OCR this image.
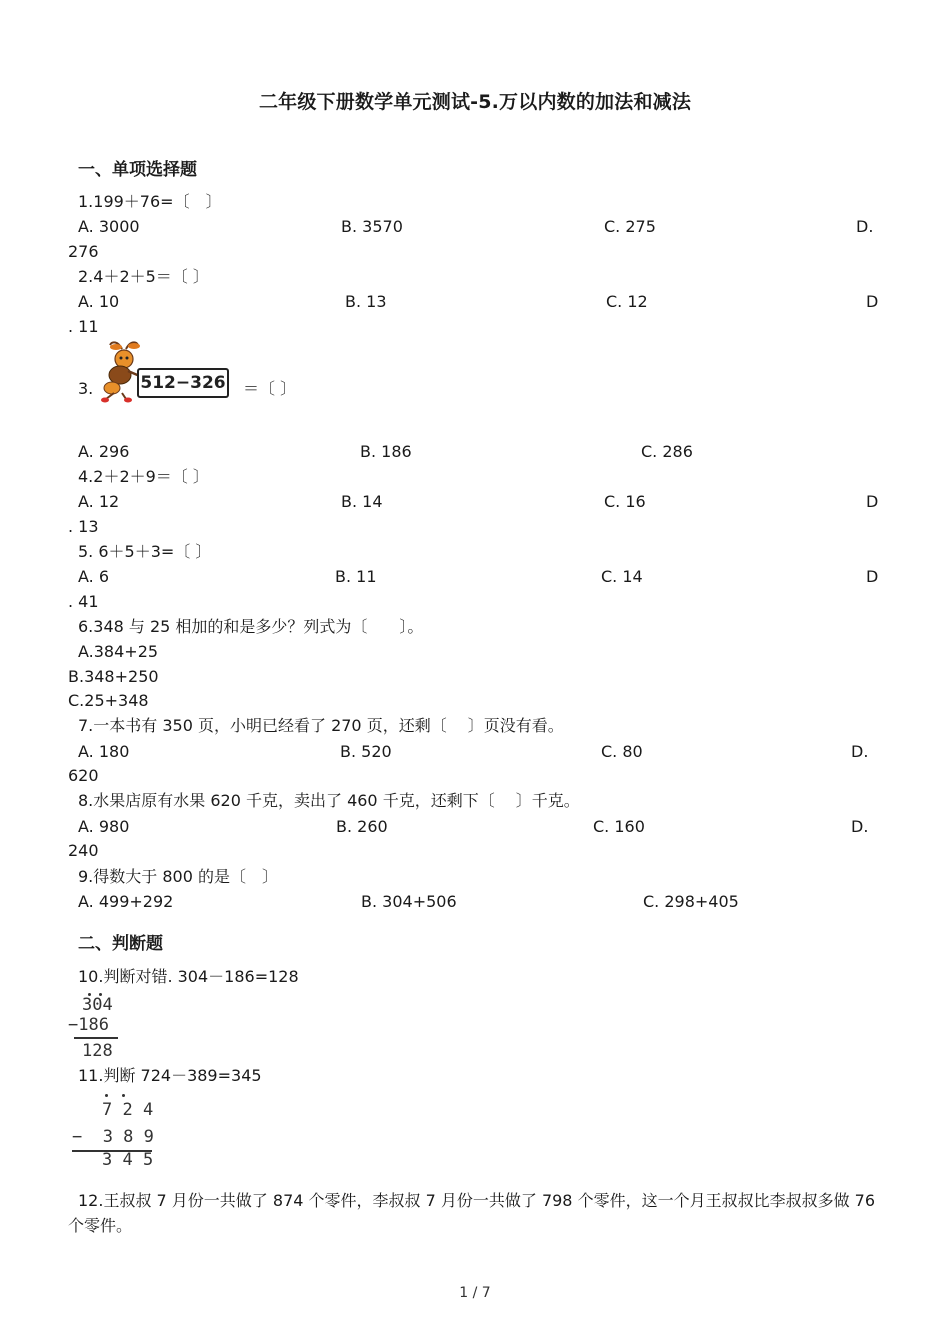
二年级下册数学单元测试-5.万以内数的加法和减法
一、单项选择题
1.199＋76=〔　〕
A. 3000	B. 3570	C. 275	D.
276
2.4＋2＋5＝〔 〕
A. 10	B. 13	C. 12	D
. 11
3.	512−326 ＝〔 〕
A. 296	B. 186	C. 286
4.2＋2＋9＝〔 〕
A. 12	B. 14	C. 16	D
. 13
5. 6＋5＋3=〔 〕
A. 6	B. 11	C. 14	D
. 41
6.348 与 25 相加的和是多少？列式为〔　　〕。
A.384+25
B.348+250
C.25+348
7.一本书有 350 页，小明已经看了 270 页，还剩〔　 〕页没有看。
A. 180	B. 520	C. 80	D.
620
8.水果店原有水果 620 千克，卖出了 460 千克，还剩下〔　 〕千克。
A. 980	B. 260	C. 160	D.
240
9.得数大于 800 的是〔　〕
A. 499+292	B. 304+506	C. 298+405
二、判断题
10.判断对错. 304－186=128
304
−186
128
11.判断 724－389=345
7 2 4
−  3 8 9
3 4 5
12.王叔叔 7 月份一共做了 874 个零件，李叔叔 7 月份一共做了 798 个零件，这一个月王叔叔比李叔叔多做 76
个零件。
1 / 7
